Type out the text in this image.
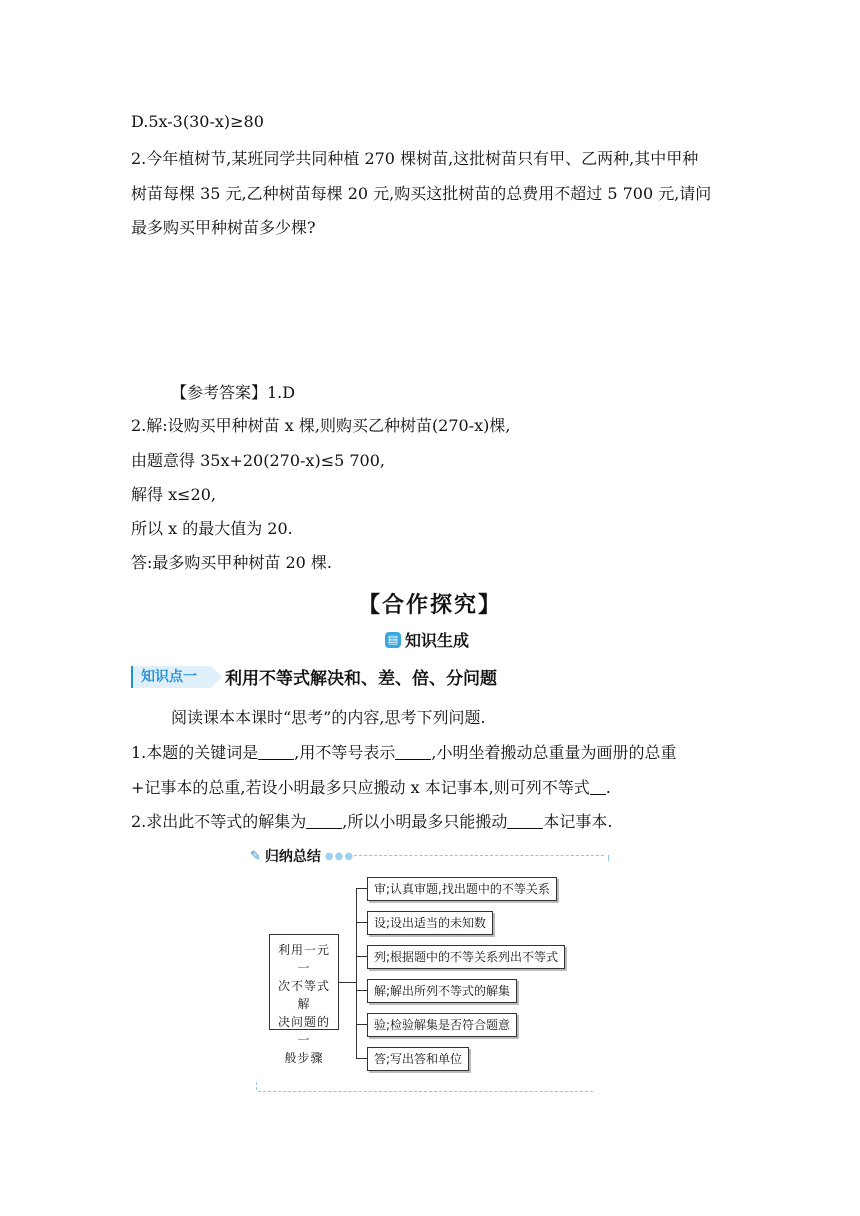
D.5x-3(30-x)≥80
2.今年植树节,某班同学共同种植 270 棵树苗,这批树苗只有甲、乙两种,其中甲种
树苗每棵 35 元,乙种树苗每棵 20 元,购买这批树苗的总费用不超过 5 700 元,请问
最多购买甲种树苗多少棵?
【参考答案】1.D
2.解:设购买甲种树苗 x 棵,则购买乙种树苗(270-x)棵,
由题意得 35x+20(270-x)≤5 700,
解得 x≤20,
所以 x 的最大值为 20.
答:最多购买甲种树苗 20 棵.
【合作探究】
▤ 知识生成
知识点一	利用不等式解决和、差、倍、分问题
阅读课本本课时“思考”的内容,思考下列问题.
1.本题的关键词是 ,用不等号表示 ,小明坐着搬动总重量为画册的总重
+记事本的总重,若设小明最多只应搬动 x 本记事本,则可列不等式 .
2.求出此不等式的解集为 ,所以小明最多只能搬动 本记事本.
✎ 归纳总结 ●●●
利用一元一
次不等式解
决问题的一
般步骤
审;认真审题,找出题中的不等关系
设;设出适当的未知数
列;根据题中的不等关系列出不等式
解;解出所列不等式的解集
验;检验解集是否符合题意
答;写出答和单位
